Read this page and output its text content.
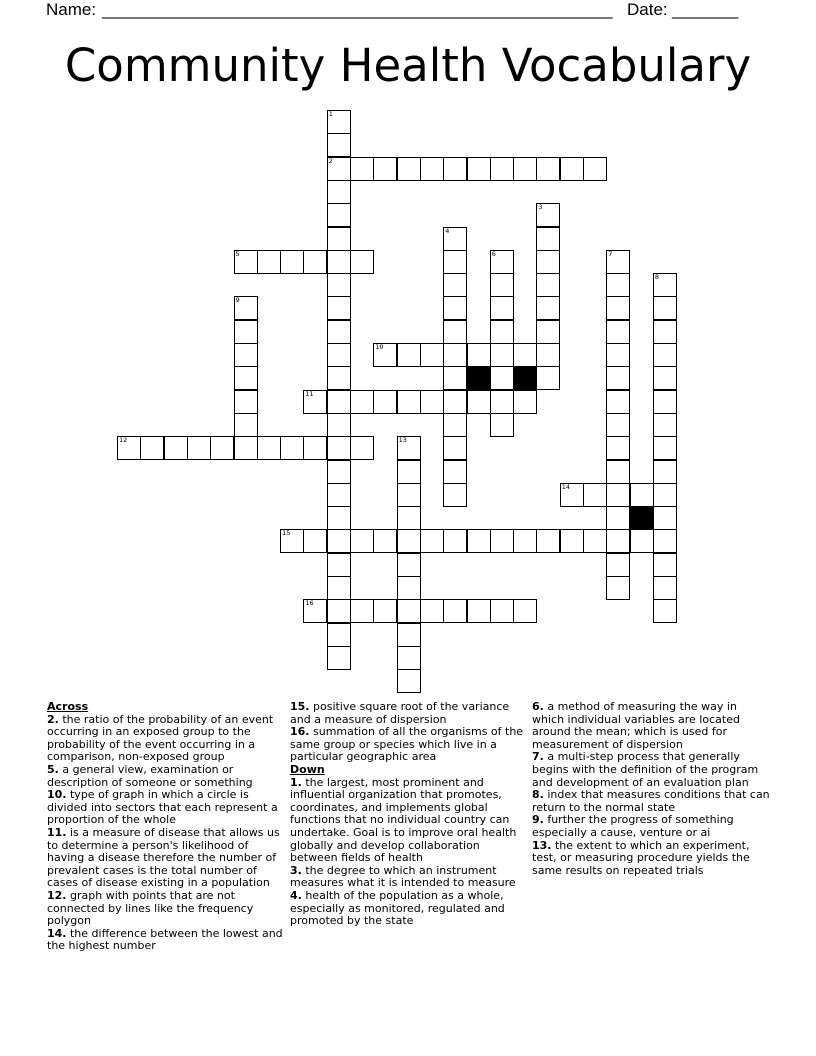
Name: ______________________________________________________ Date: _______
Community Health Vocabulary
1
2
3
4
5	6	7
8
9
10
11
12	13
14
15
16
Across
2. the ratio of the probability of an event occurring in an exposed group to the probability of the event occurring in a comparison, non-exposed group
5. a general view, examination or description of someone or something
10. type of graph in which a circle is divided into sectors that each represent a proportion of the whole
11. is a measure of disease that allows us to determine a person's likelihood of having a disease therefore the number of prevalent cases is the total number of cases of disease existing in a population
12. graph with points that are not connected by lines like the frequency polygon
14. the difference between the lowest and the highest number
15. positive square root of the variance and a measure of dispersion
16. summation of all the organisms of the same group or species which live in a particular geographic area
Down
1. the largest, most prominent and influential organization that promotes, coordinates, and implements global functions that no individual country can undertake. Goal is to improve oral health globally and develop collaboration between fields of health
3. the degree to which an instrument measures what it is intended to measure
4. health of the population as a whole, especially as monitored, regulated and promoted by the state
6. a method of measuring the way in which individual variables are located around the mean; which is used for measurement of dispersion
7. a multi-step process that generally begins with the definition of the program and development of an evaluation plan
8. index that measures conditions that can return to the normal state
9. further the progress of something especially a cause, venture or ai
13. the extent to which an experiment, test, or measuring procedure yields the same results on repeated trials
